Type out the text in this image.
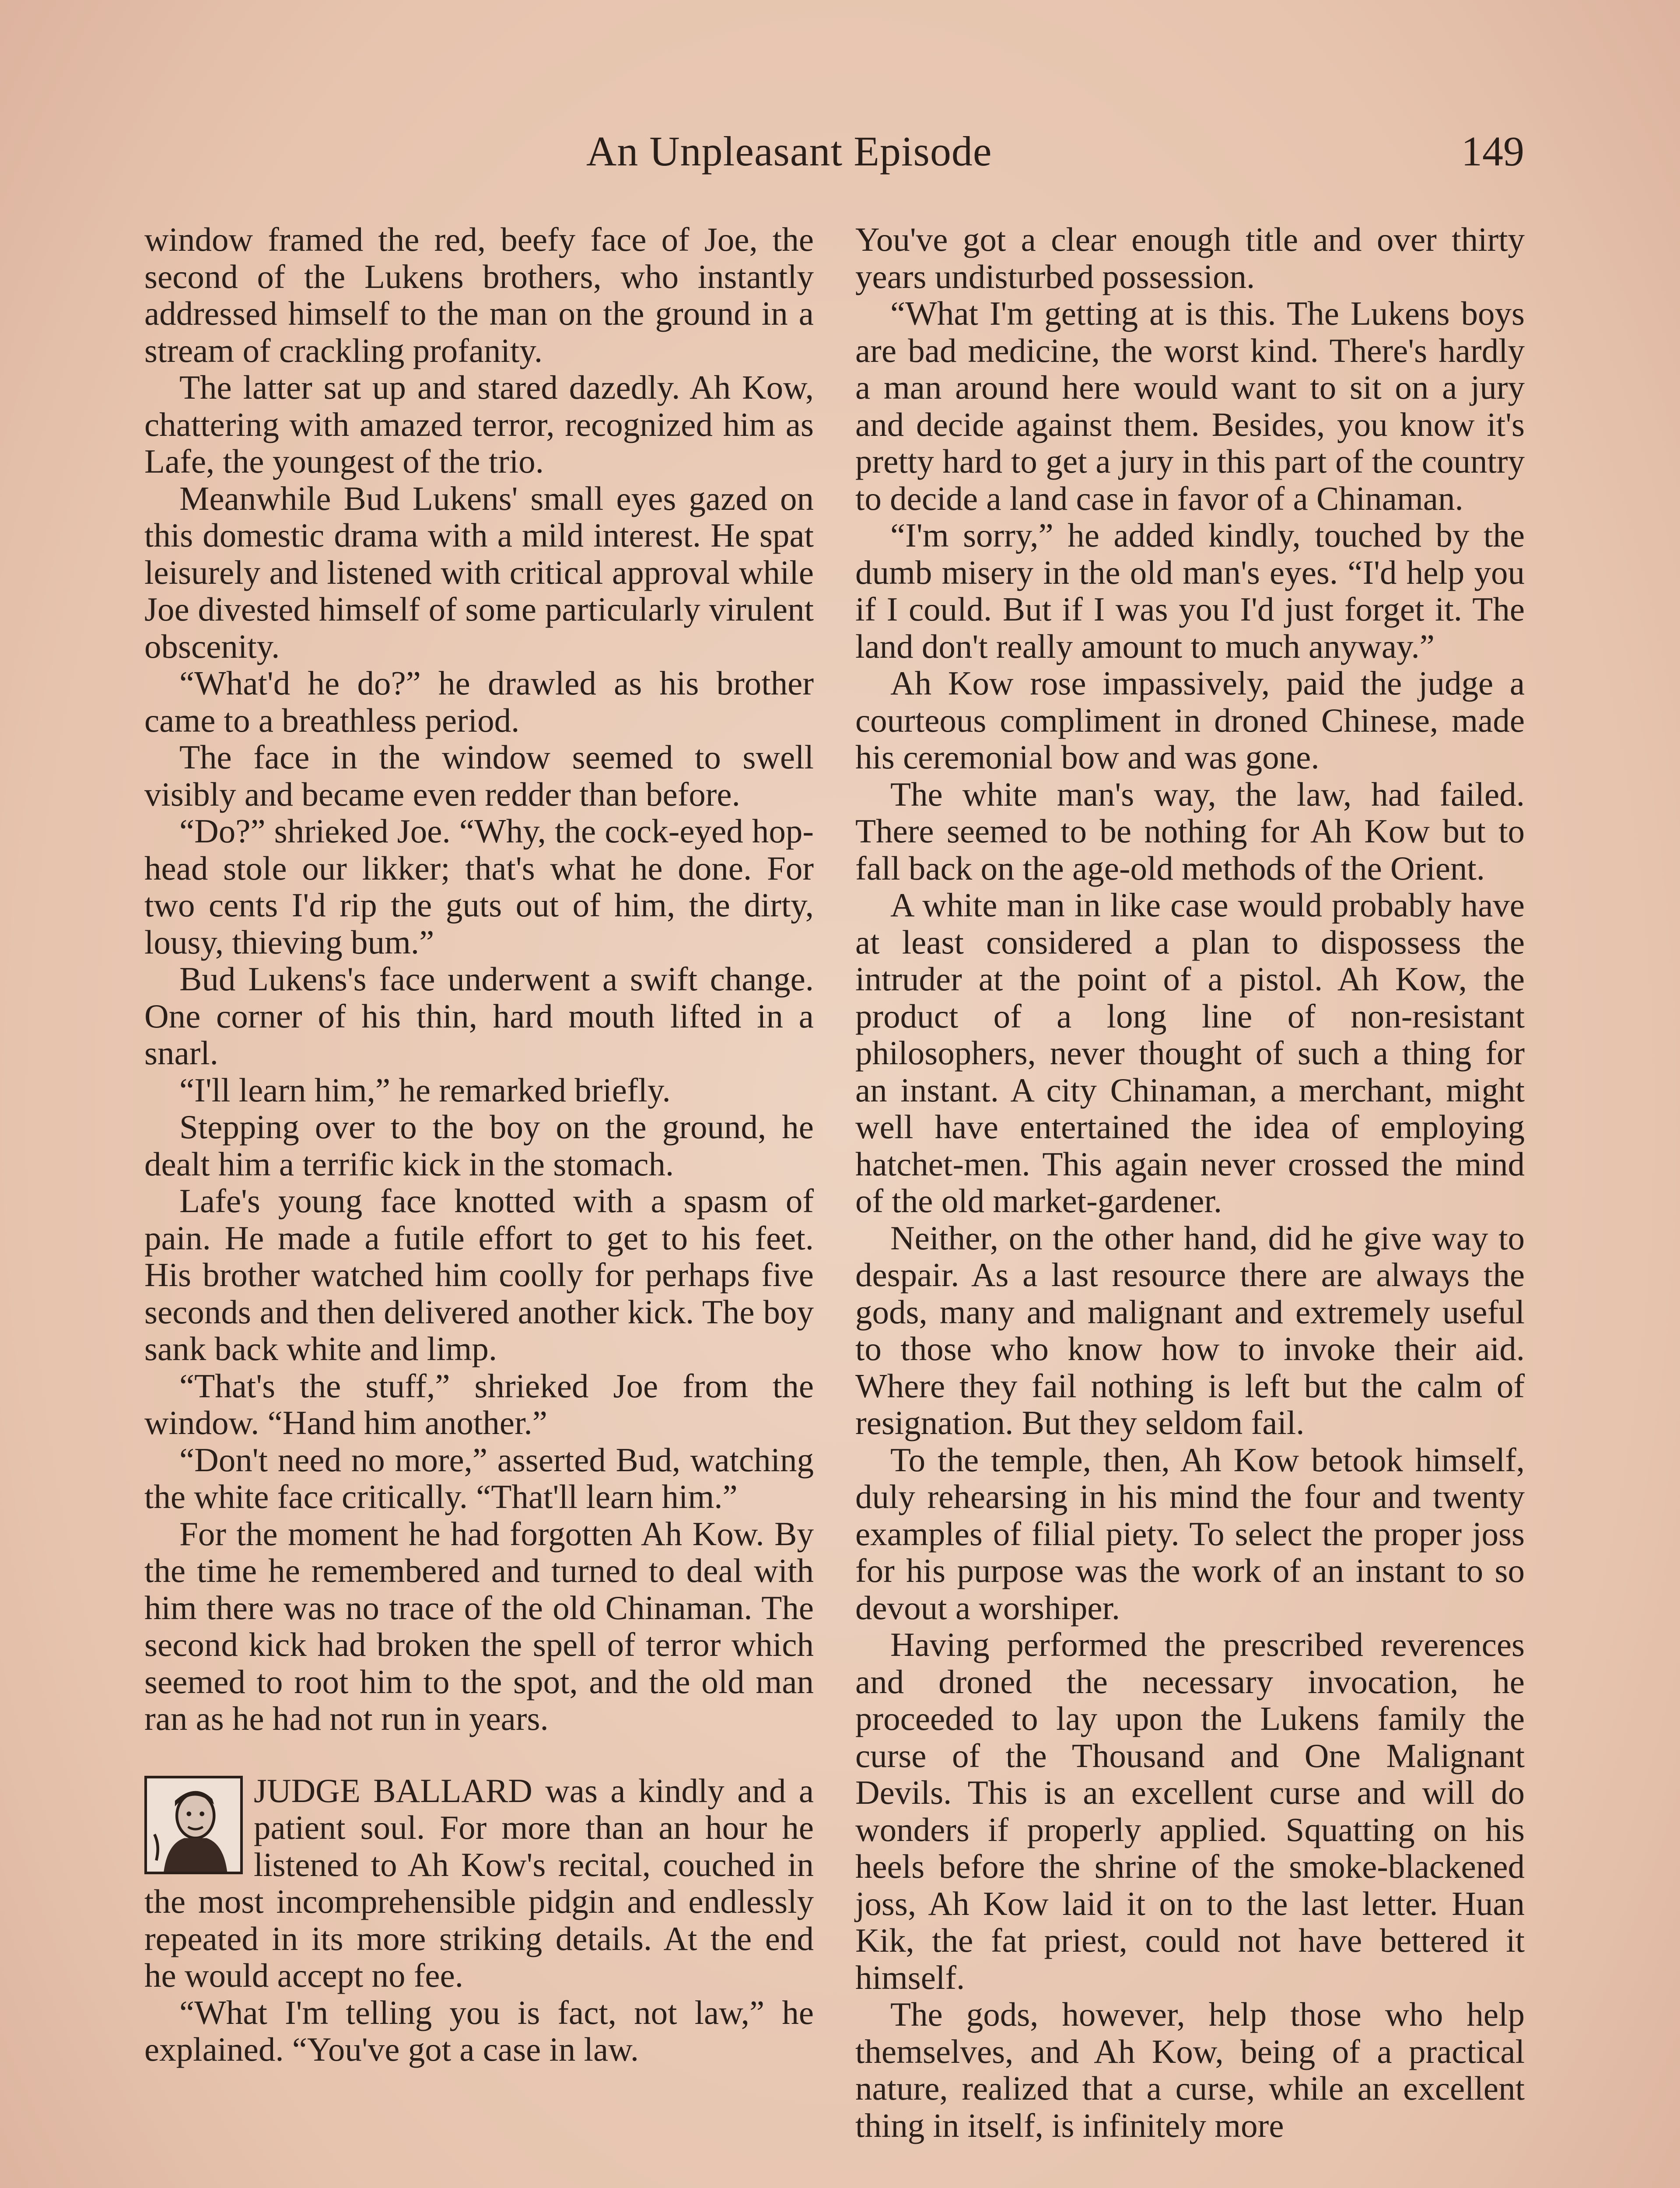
An Unpleasant Episode	149

window framed the red, beefy face of Joe, the second of the Lukens brothers, who instantly addressed himself to the man on the ground in a stream of crackling profanity.

The latter sat up and stared dazedly. Ah Kow, chattering with amazed terror, recognized him as Lafe, the youngest of the trio.

Meanwhile Bud Lukens' small eyes gazed on this domestic drama with a mild interest. He spat leisurely and listened with critical approval while Joe divested himself of some particularly virulent obscenity.

“What'd he do?” he drawled as his brother came to a breathless period.

The face in the window seemed to swell visibly and became even redder than before.

“Do?” shrieked Joe. “Why, the cock-eyed hop-head stole our likker; that's what he done. For two cents I'd rip the guts out of him, the dirty, lousy, thieving bum.”

Bud Lukens's face underwent a swift change. One corner of his thin, hard mouth lifted in a snarl.

“I'll learn him,” he remarked briefly.

Stepping over to the boy on the ground, he dealt him a terrific kick in the stomach.

Lafe's young face knotted with a spasm of pain. He made a futile effort to get to his feet. His brother watched him coolly for perhaps five seconds and then delivered another kick. The boy sank back white and limp.

“That's the stuff,” shrieked Joe from the window. “Hand him another.”

“Don't need no more,” asserted Bud, watching the white face critically. “That'll learn him.”

For the moment he had forgotten Ah Kow. By the time he remembered and turned to deal with him there was no trace of the old Chinaman. The second kick had broken the spell of terror which seemed to root him to the spot, and the old man ran as he had not run in years.

JUDGE BALLARD was a kindly and a patient soul. For more than an hour he listened to Ah Kow's recital, couched in the most incomprehensible pidgin and endlessly repeated in its more striking details. At the end he would accept no fee.

“What I'm telling you is fact, not law,” he explained. “You've got a case in law.

You've got a clear enough title and over thirty years undisturbed possession.

“What I'm getting at is this. The Lukens boys are bad medicine, the worst kind. There's hardly a man around here would want to sit on a jury and decide against them. Besides, you know it's pretty hard to get a jury in this part of the country to decide a land case in favor of a Chinaman.

“I'm sorry,” he added kindly, touched by the dumb misery in the old man's eyes. “I'd help you if I could. But if I was you I'd just forget it. The land don't really amount to much anyway.”

Ah Kow rose impassively, paid the judge a courteous compliment in droned Chinese, made his ceremonial bow and was gone.

The white man's way, the law, had failed. There seemed to be nothing for Ah Kow but to fall back on the age-old methods of the Orient.

A white man in like case would probably have at least considered a plan to dispossess the intruder at the point of a pistol. Ah Kow, the product of a long line of non-resistant philosophers, never thought of such a thing for an instant. A city Chinaman, a merchant, might well have entertained the idea of employing hatchet-men. This again never crossed the mind of the old market-gardener.

Neither, on the other hand, did he give way to despair. As a last resource there are always the gods, many and malignant and extremely useful to those who know how to invoke their aid. Where they fail nothing is left but the calm of resignation. But they seldom fail.

To the temple, then, Ah Kow betook himself, duly rehearsing in his mind the four and twenty examples of filial piety. To select the proper joss for his purpose was the work of an instant to so devout a worshiper.

Having performed the prescribed reverences and droned the necessary invocation, he proceeded to lay upon the Lukens family the curse of the Thousand and One Malignant Devils. This is an excellent curse and will do wonders if properly applied. Squatting on his heels before the shrine of the smoke-blackened joss, Ah Kow laid it on to the last letter. Huan Kik, the fat priest, could not have bettered it himself.

The gods, however, help those who help themselves, and Ah Kow, being of a practical nature, realized that a curse, while an excellent thing in itself, is infinitely more
